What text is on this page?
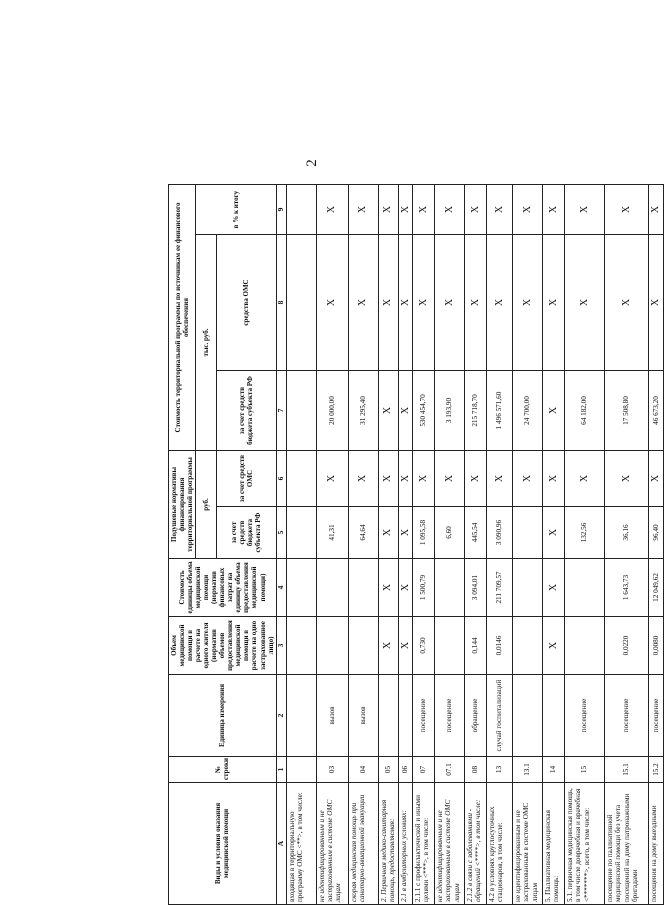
2
Виды и условия оказания медицинской помощи	№ строки	Единица измерения	Объем медицинской помощи в расчете на одного жителя (норматив объемов предоставления медицинской помощи в расчете на одно застрахованное лицо)	Стоимость единицы объема медицинской помощи (норматив финансовых затрат на единицу объема предоставления медицинской помощи)	Подушевые нормативы финансирования территориальной программы		Стоимость территориальной программы по источникам ее финансового обеспечения		
					руб.		тыс. руб.		в % к итогу
					за счет средств бюджета субъекта РФ	за счет средств ОМС	за счет средств бюджета субъекта РФ	средства ОМС	
А	1	2	3	4	5	6	7	8	9
входящая в территориальную программу ОМС <**>, в том числе:									
не идентифицированным и не застрахованным в системе ОМС лицам	03	вызов			41,31	X	20 000,00	X	X
скорая медицинская помощь при санитарно-авиационной эвакуации	04	вызов			64,64	X	31 295,40	X	X
2. Первичная медико-санитарная помощь, предоставляемая:	05		X	X	X	X	X	X	X
2.1 в амбулаторных условиях:	06		X	X	X	X	X	X	X
2.1.1 с профилактической и иными целями <***>, в том числе:	07	посещение	0,730	1 500,79	1 095,58	X	530 454,70	X	X
не идентифицированным и не застрахованным в системе ОМС лицам	07.1	посещение			6,60	X	3 193,90	X	X
2.1.2 в связи с заболеваниями - обращений <****>, в том числе:	08	обращение	0,144	3 094,01	445,54	X	215 718,70	X	X
4.2 в условиях круглосуточных стационаров, в том числе:	13	случай госпитализаций	0,0146	211 709,57	3 090,96	X	1 496 571,60	X	X
не идентифицированным и не застрахованным в системе ОМС лицам	13.1					X	24 700,00	X	X
5. Паллиативная медицинская помощь:	14		X	X	X	X	X	X	X
5.1. первичная медицинская помощь, в том числе доврачебная и врачебная <*******>, всего, в том числе:	15	посещение			132,56	X	64 182,00	X	X
посещение по паллиативной медицинской помощи без учета посещений на дому патронажными бригадами	15.1	посещение	0,0220	1 643,73	36,16	X	17 508,80	X	X
посещения на дому выездными	15.2	посещение	0,0080	12 049,62	96,40	X	46 673,20	X	X
